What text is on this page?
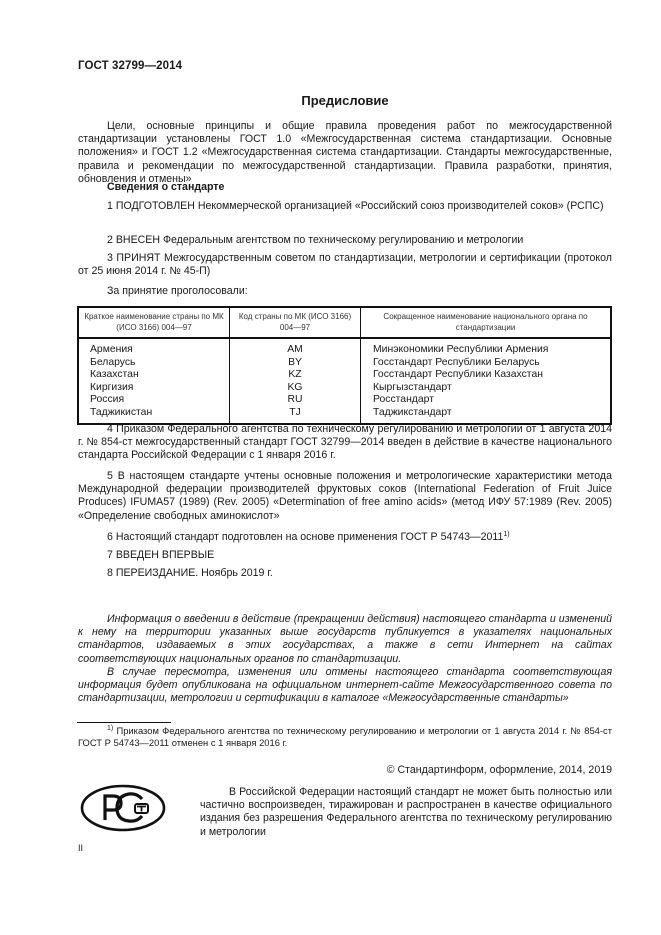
ГОСТ 32799—2014
Предисловие

Цели, основные принципы и общие правила проведения работ по межгосударственной стандартизации установлены ГОСТ 1.0 «Межгосударственная система стандартизации. Основные положения» и ГОСТ 1.2 «Межгосударственная система стандартизации. Стандарты межгосударственные, правила и рекомендации по межгосударственной стандартизации. Правила разработки, принятия, обновления и отмены»

Сведения о стандарте

1 ПОДГОТОВЛЕН Некоммерческой организацией «Российский союз производителей соков» (РСПС)

2 ВНЕСЕН Федеральным агентством по техническому регулированию и метрологии

3 ПРИНЯТ Межгосударственным советом по стандартизации, метрологии и сертификации (протокол от 25 июня 2014 г. № 45-П)

За принятие проголосовали:

Краткое наименование страны по МК (ИСО 3166) 004—97	Код страны по МК (ИСО 3166) 004—97	Сокращенное наименование национального органа по стандартизации
Армения	AM	Минэкономики Республики Армения
Беларусь	BY	Госстандарт Республики Беларусь
Казахстан	KZ	Госстандарт Республики Казахстан
Киргизия	KG	Кыргызстандарт
Россия	RU	Росстандарт
Таджикистан	TJ	Таджикстандарт

4 Приказом Федерального агентства по техническому регулированию и метрологии от 1 августа 2014 г. № 854-ст межгосударственный стандарт ГОСТ 32799—2014 введен в действие в качестве национального стандарта Российской Федерации с 1 января 2016 г.

5 В настоящем стандарте учтены основные положения и метрологические характеристики метода Международной федерации производителей фруктовых соков (International Federation of Fruit Juice Produces) IFUMA57 (1989) (Rev. 2005) «Determination of free amino acids» (метод ИФУ 57:1989 (Rev. 2005) «Определение свободных аминокислот»

6 Настоящий стандарт подготовлен на основе применения ГОСТ Р 54743—2011$^{1)}$

7 ВВЕДЕН ВПЕРВЫЕ

8 ПЕРЕИЗДАНИЕ. Ноябрь 2019 г.

Информация о введении в действие (прекращении действия) настоящего стандарта и изменений к нему на территории указанных выше государств публикуется в указателях национальных стандартов, издаваемых в этих государствах, а также в сети Интернет на сайтах соответствующих национальных органов по стандартизации.

В случае пересмотра, изменения или отмены настоящего стандарта соответствующая информация будет опубликована на официальном интернет-сайте Межгосударственного совета по стандартизации, метрологии и сертификации в каталоге «Межгосударственные стандарты»

$^{1)}$ Приказом Федерального агентства по техническому регулированию и метрологии от 1 августа 2014 г. № 854-ст ГОСТ Р 54743—2011 отменен с 1 января 2016 г.

© Стандартинформ, оформление, 2014, 2019

В Российской Федерации настоящий стандарт не может быть полностью или частично воспроизведен, тиражирован и распространен в качестве официального издания без разрешения Федерального агентства по техническому регулированию и метрологии

II
